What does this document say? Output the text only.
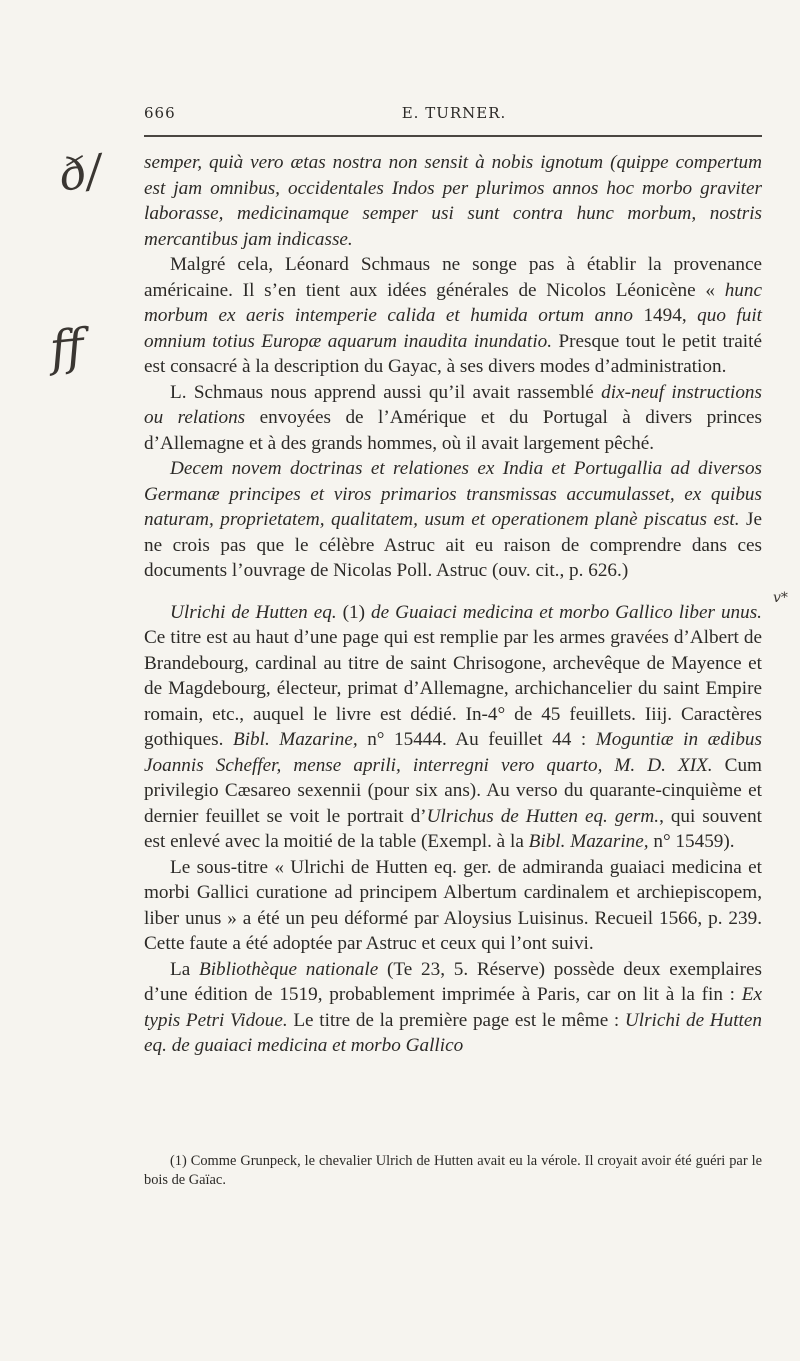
666	E. TURNER.
ð/
ff
v*

semper, quià vero ætas nostra non sensit à nobis ignotum (quippe compertum est jam omnibus, occidentales Indos per plurimos annos hoc morbo graviter laborasse, medicinamque semper usi sunt contra hunc morbum, nostris mercantibus jam indicasse.

Malgré cela, Léonard Schmaus ne songe pas à établir la provenance américaine. Il s’en tient aux idées générales de Nicolos Léonicène « hunc morbum ex aeris intemperie calida et humida ortum anno 1494, quo fuit omnium totius Europæ aquarum inaudita inundatio. Presque tout le petit traité est consacré à la description du Gayac, à ses divers modes d’administration.

L. Schmaus nous apprend aussi qu’il avait rassemblé dix-neuf instructions ou relations envoyées de l’Amérique et du Portugal à divers princes d’Allemagne et à des grands hommes, où il avait largement pêché.

Decem novem doctrinas et relationes ex India et Portugallia ad diversos Germanæ principes et viros primarios transmissas accumulasset, ex quibus naturam, proprietatem, qualitatem, usum et operationem planè piscatus est. Je ne crois pas que le célèbre Astruc ait eu raison de comprendre dans ces documents l’ouvrage de Nicolas Poll. Astruc (ouv. cit., p. 626.)

Ulrichi de Hutten eq. (1) de Guaiaci medicina et morbo Gallico liber unus. Ce titre est au haut d’une page qui est remplie par les armes gravées d’Albert de Brandebourg, cardinal au titre de saint Chrisogone, archevêque de Mayence et de Magdebourg, électeur, primat d’Allemagne, archichancelier du saint Empire romain, etc., auquel le livre est dédié. In-4° de 45 feuillets. Iiij. Caractères gothiques. Bibl. Mazarine, n° 15444. Au feuillet 44 : Moguntiæ in ædibus Joannis Scheffer, mense aprili, interregni vero quarto, M. D. XIX. Cum privilegio Cæsareo sexennii (pour six ans). Au verso du quarante-cinquième et dernier feuillet se voit le portrait d’Ulrichus de Hutten eq. germ., qui souvent est enlevé avec la moitié de la table (Exempl. à la Bibl. Mazarine, n° 15459).

Le sous-titre « Ulrichi de Hutten eq. ger. de admiranda guaiaci medicina et morbi Gallici curatione ad principem Albertum cardinalem et archiepiscopem, liber unus » a été un peu déformé par Aloysius Luisinus. Recueil 1566, p. 239. Cette faute a été adoptée par Astruc et ceux qui l’ont suivi.

La Bibliothèque nationale (Te 23, 5. Réserve) possède deux exemplaires d’une édition de 1519, probablement imprimée à Paris, car on lit à la fin : Ex typis Petri Vidoue. Le titre de la première page est le même : Ulrichi de Hutten eq. de guaiaci medicina et morbo Gallico

(1) Comme Grunpeck, le chevalier Ulrich de Hutten avait eu la vérole. Il croyait avoir été guéri par le bois de Gaïac.
